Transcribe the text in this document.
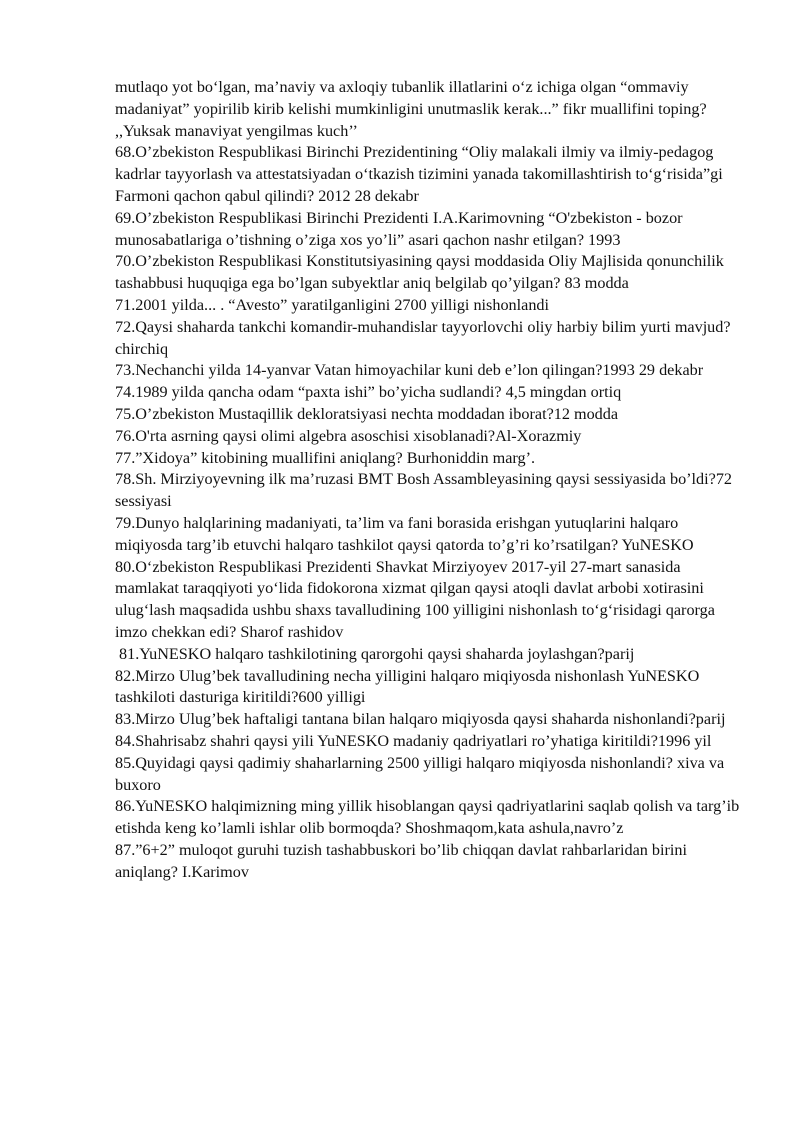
mutlaqo yot bo‘lgan, ma’naviy va axloqiy tubanlik illatlarini o‘z ichiga olgan “ommaviy madaniyat” yopirilib kirib kelishi mumkinligini unutmaslik kerak...” fikr muallifini toping? ,,Yuksak manaviyat yengilmas kuch’’

68.O’zbekiston Respublikasi Birinchi Prezidentining “Oliy malakali ilmiy va ilmiy-pedagog kadrlar tayyorlash va attestatsiyadan o‘tkazish tizimini yanada takomillashtirish to‘g‘risida”gi Farmoni qachon qabul qilindi? 2012 28 dekabr

69.O’zbekiston Respublikasi Birinchi Prezidenti I.A.Karimovning “O'zbekiston - bozor munosabatlariga o’tishning o’ziga xos yo’li” asari qachon nashr etilgan? 1993

70.O’zbekiston Respublikasi Konstitutsiyasining qaysi moddasida Oliy Majlisida qonunchilik tashabbusi huquqiga ega bo’lgan subyektlar aniq belgilab qo’yilgan? 83 modda

71.2001 yilda... . “Avesto” yaratilganligini 2700 yilligi nishonlandi

72.Qaysi shaharda tankchi komandir-muhandislar tayyorlovchi oliy harbiy bilim yurti mavjud? chirchiq

73.Nechanchi yilda 14-yanvar Vatan himoyachilar kuni deb e’lon qilingan?1993 29 dekabr

74.1989 yilda qancha odam “paxta ishi” bo’yicha sudlandi? 4,5 mingdan ortiq

75.O’zbekiston Mustaqillik dekloratsiyasi nechta moddadan iborat?12 modda

76.O'rta asrning qaysi olimi algebra asoschisi xisoblanadi?Al-Xorazmiy

77.”Xidoya” kitobining muallifini aniqlang? Burhoniddin marg’.

78.Sh. Mirziyoyevning ilk ma’ruzasi BMT Bosh Assambleyasining qaysi sessiyasida bo’ldi?72 sessiyasi

79.Dunyo halqlarining madaniyati, ta’lim va fani borasida erishgan yutuqlarini halqaro miqiyosda targ’ib etuvchi halqaro tashkilot qaysi qatorda to’g’ri ko’rsatilgan? YuNESKO

80.O‘zbekiston Respublikasi Prezidenti Shavkat Mirziyoyev 2017-yil 27-mart sanasida mamlakat taraqqiyoti yo‘lida fidokorona xizmat qilgan qaysi atoqli davlat arbobi xotirasini ulug‘lash maqsadida ushbu shaxs tavalludining 100 yilligini nishonlash to‘g‘risidagi qarorga imzo chekkan edi? Sharof rashidov

81.YuNESKO halqaro tashkilotining qarorgohi qaysi shaharda joylashgan?parij

82.Mirzo Ulug’bek tavalludining necha yilligini halqaro miqiyosda nishonlash YuNESKO tashkiloti dasturiga kiritildi?600 yilligi

83.Mirzo Ulug’bek haftaligi tantana bilan halqaro miqiyosda qaysi shaharda nishonlandi?parij

84.Shahrisabz shahri qaysi yili YuNESKO madaniy qadriyatlari ro’yhatiga kiritildi?1996 yil

85.Quyidagi qaysi qadimiy shaharlarning 2500 yilligi halqaro miqiyosda nishonlandi? xiva va buxoro

86.YuNESKO halqimizning ming yillik hisoblangan qaysi qadriyatlarini saqlab qolish va targ’ib etishda keng ko’lamli ishlar olib bormoqda? Shoshmaqom,kata ashula,navro’z

87.”6+2” muloqot guruhi tuzish tashabbuskori bo’lib chiqqan davlat rahbarlaridan birini aniqlang? I.Karimov
